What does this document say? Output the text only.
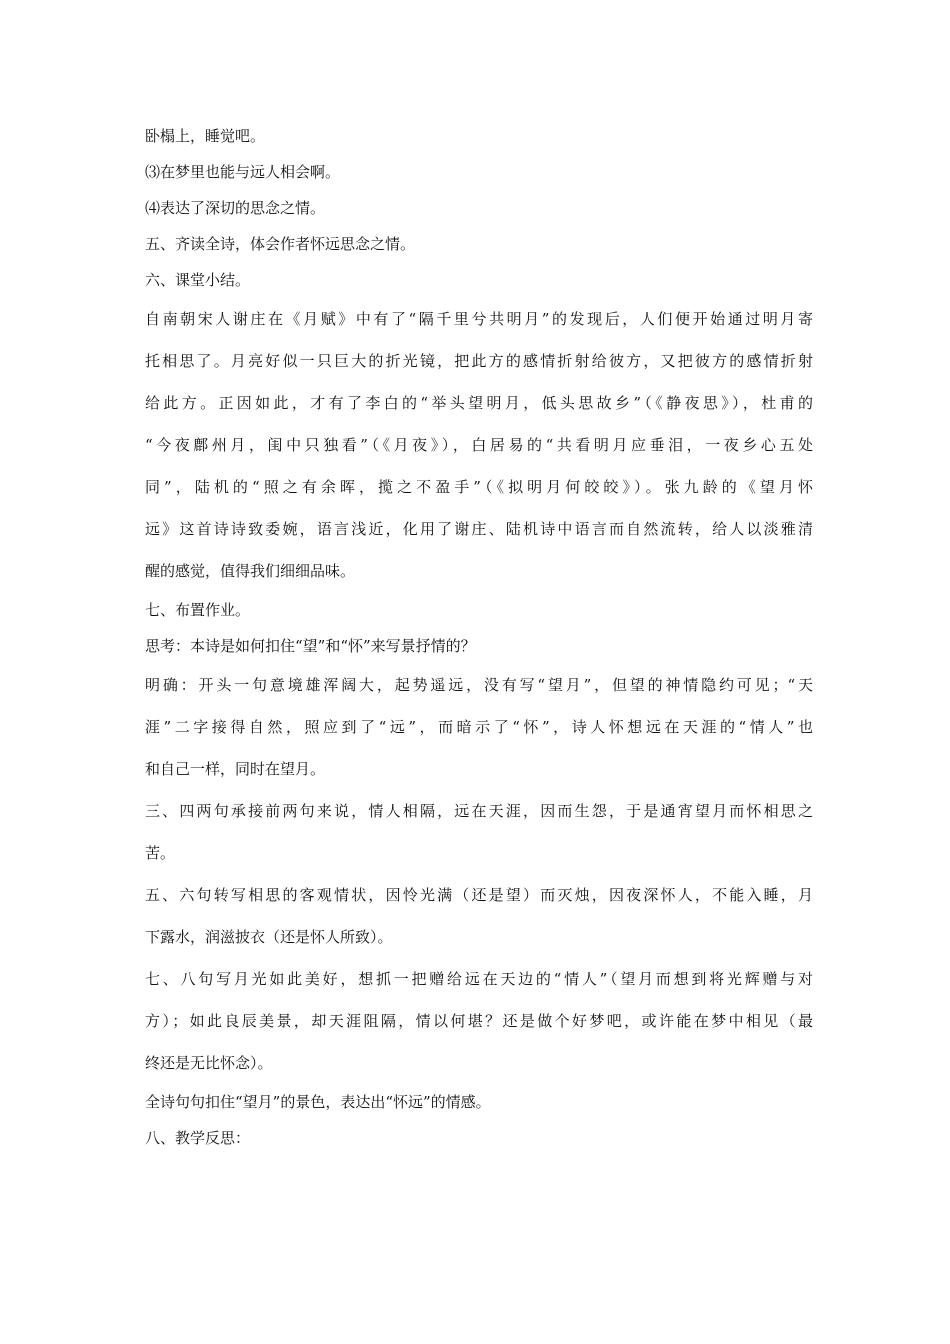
卧榻上，睡觉吧。
⑶在梦里也能与远人相会啊。
⑷表达了深切的思念之情。
五、齐读全诗，体会作者怀远思念之情。
六、课堂小结。
自南朝宋人谢庄在《月赋》中有了“隔千里兮共明月”的发现后，人们便开始通过明月寄
托相思了。月亮好似一只巨大的折光镜，把此方的感情折射给彼方，又把彼方的感情折射
给此方。正因如此，才有了李白的“举头望明月，低头思故乡”（《静夜思》），杜甫的
“今夜鄜州月，闺中只独看”（《月夜》），白居易的“共看明月应垂泪，一夜乡心五处
同”，陆机的“照之有余晖，揽之不盈手”（《拟明月何皎皎》）。张九龄的《望月怀
远》这首诗诗致委婉，语言浅近，化用了谢庄、陆机诗中语言而自然流转，给人以淡雅清
醒的感觉，值得我们细细品味。
七、布置作业。
思考：本诗是如何扣住“望”和“怀”来写景抒情的？
明确：开头一句意境雄浑阔大，起势遥远，没有写“望月”，但望的神情隐约可见；“天
涯”二字接得自然，照应到了“远”，而暗示了“怀”，诗人怀想远在天涯的“情人”也
和自己一样，同时在望月。
三、四两句承接前两句来说，情人相隔，远在天涯，因而生怨，于是通宵望月而怀相思之
苦。
五、六句转写相思的客观情状，因怜光满（还是望）而灭烛，因夜深怀人，不能入睡，月
下露水，润滋披衣（还是怀人所致）。
七、八句写月光如此美好，想抓一把赠给远在天边的“情人”（望月而想到将光辉赠与对
方）；如此良辰美景，却天涯阻隔，情以何堪？还是做个好梦吧，或许能在梦中相见（最
终还是无比怀念）。
全诗句句扣住“望月”的景色，表达出“怀远”的情感。
八、教学反思：
